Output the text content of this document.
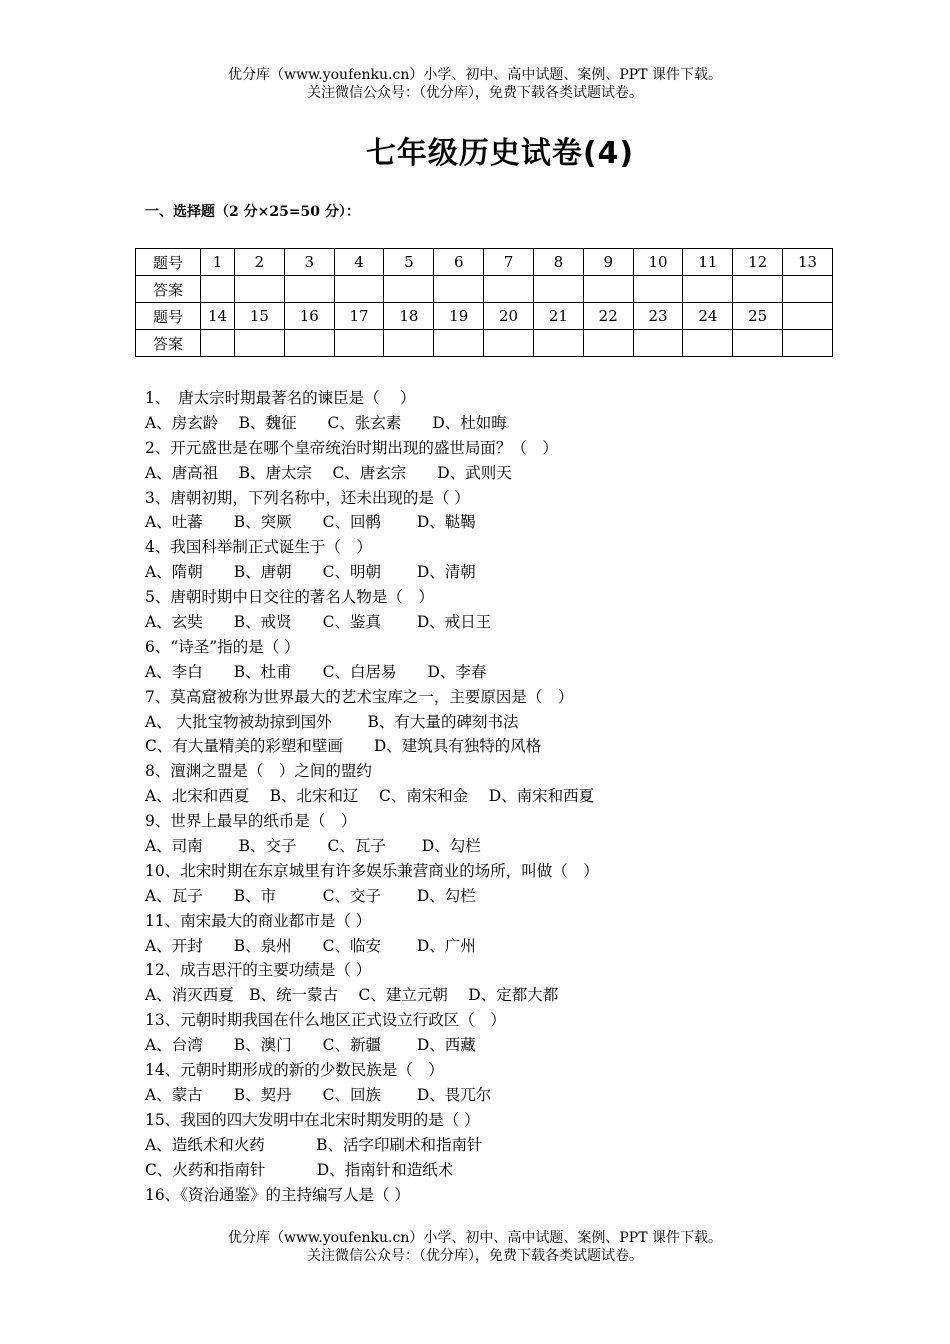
优分库（www.youfenku.cn）小学、初中、高中试题、案例、PPT 课件下载。
关注微信公众号：（优分库），免费下载各类试题试卷。
七年级历史试卷(4)
一、选择题（2 分×25=50 分）：
题号	1	2	3	4	5	6	7	8	9	10	11	12	13
答案													
题号	14	15	16	17	18	19	20	21	22	23	24	25	
答案													
1、　唐太宗时期最著名的谏臣是（　 ）
A、房玄龄　 B、魏征　　C、张玄素　　D、杜如晦
2、开元盛世是在哪个皇帝统治时期出现的盛世局面？（　）
A、唐高祖　 B、唐太宗　 C、唐玄宗　　D、武则天
3、唐朝初期，下列名称中，还未出现的是（ ）
A、吐蕃　　B、突厥　　C、回鹘　　 D、鞑鞨
4、我国科举制正式诞生于（　）
A、隋朝　　B、唐朝　　C、明朝　　 D、清朝
5、唐朝时期中日交往的著名人物是（　）
A、玄奘　　B、戒贤　　C、鉴真　　 D、戒日王
6、“诗圣”指的是（ ）
A、李白　　B、杜甫　　C、白居易　　D、李春
7、莫高窟被称为世界最大的艺术宝库之一，主要原因是（　）
A、 大批宝物被劫掠到国外　　 B、有大量的碑刻书法
C、有大量精美的彩塑和壁画　　D、建筑具有独特的风格
8、澶渊之盟是（　）之间的盟约
A、北宋和西夏　 B、北宋和辽　 C、南宋和金　 D、南宋和西夏
9、世界上最早的纸币是（　）
A、司南　　 B、交子　　C、瓦子　　 D、勾栏
10、北宋时期在东京城里有许多娱乐兼营商业的场所，叫做（　）
A、瓦子　　B、市　　　C、交子　　 D、勾栏
11、南宋最大的商业都市是（ ）
A、开封　　B、泉州　　C、临安　　 D、广州
12、成吉思汗的主要功绩是（ ）
A、消灭西夏　B、统一蒙古　 C、建立元朝　 D、定都大都
13、元朝时期我国在什么地区正式设立行政区（　）
A、台湾　　B、澳门　　C、新疆　　 D、西藏
14、元朝时期形成的新的少数民族是（　）
A、蒙古　　B、契丹　　C、回族　　 D、畏兀尔
15、我国的四大发明中在北宋时期发明的是（ ）
A、造纸术和火药　　　 B、活字印刷术和指南针
C、火药和指南针　　　 D、指南针和造纸术
16、《资治通鉴》的主持编写人是（ ）
优分库（www.youfenku.cn）小学、初中、高中试题、案例、PPT 课件下载。
关注微信公众号：（优分库），免费下载各类试题试卷。
